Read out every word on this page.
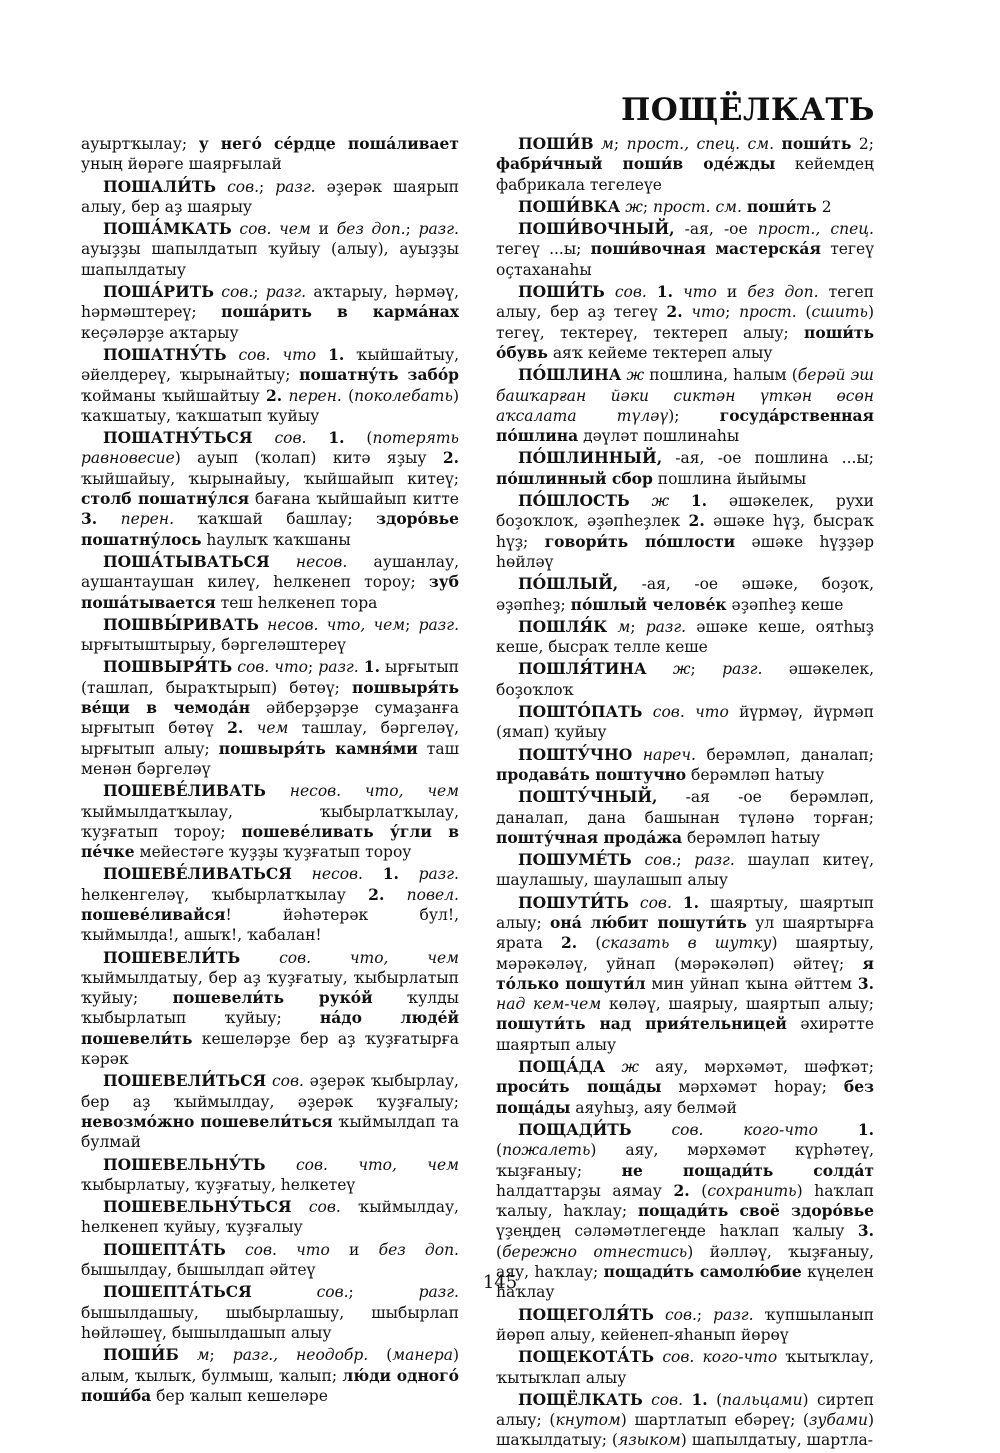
ПОЩЁЛКАТЬ

ауыртҡылау; у него́ се́рдце поша́ливает уның йөрәге шаярғылай

ПОШАЛИ́ТЬ сов.; разг. әҙерәк шаярып алыу, бер аҙ шаярыу

ПОША́МКАТЬ сов. чем и без доп.; разг. ауыҙҙы шапылдатып ҡуйыу (алыу), ауыҙҙы шапылдатыу

ПОША́РИТЬ сов.; разг. аҡтарыу, һәрмәү, һәрмәштереү; поша́рить в карма́нах кеҫәләрҙе аҡтарыу

ПОШАТНУ́ТЬ сов. что 1. ҡыйшайтыу, әйелдереү, ҡырынайтыу; пошатну́ть забо́р ҡойманы ҡыйшайтыу 2. перен. (поколебать) ҡаҡшатыу, ҡаҡшатып ҡуйыу

ПОШАТНУ́ТЬСЯ сов. 1. (потерять равновесие) ауып (ҡолап) китә яҙыу 2. ҡыйшайыу, ҡырынайыу, ҡыйшайып китеү; столб пошатну́лся бағана ҡыйшайып китте 3. перен. ҡаҡшай башлау; здоро́вье пошатну́лось һаулыҡ ҡаҡшаны

ПОША́ТЫВАТЬСЯ несов. аушанлау, аушантаушан килеү, һелкенеп тороу; зуб поша́тывается теш һелкенеп тора

ПОШВЫ́РИВАТЬ несов. что, чем; разг. ырғытыштырыу, бәргеләштереү

ПОШВЫРЯ́ТЬ сов. что; разг. 1. ырғытып (ташлап, быраҡтырып) бөтөү; пошвыря́ть ве́щи в чемода́н әйберҙәрҙе сумаҙанға ырғытып бөтөү 2. чем ташлау, бәргеләү, ырғытып алыу; пошвыря́ть камня́ми таш менән бәргеләү

ПОШЕВЕ́ЛИВАТЬ несов. что, чем ҡыймылдатҡылау, ҡыбырлатҡылау, ҡуҙғатып тороу; пошеве́ливать у́гли в пе́чке мейестәге ҡуҙҙы ҡуҙғатып тороу

ПОШЕВЕ́ЛИВАТЬСЯ несов. 1. разг. һелкенгеләү, ҡыбырлатҡылау 2. повел. пошеве́ливайся! йәһәтерәк бул!, ҡыймылда!, ашыҡ!, ҡабалан!

ПОШЕВЕЛИ́ТЬ	сов. что, чем ҡыймылдатыу, бер аҙ ҡуҙғатыу, ҡыбырлатып ҡуйыу; пошевели́ть руко́й ҡулды ҡыбырлатып ҡуйыу; на́до люде́й пошевели́ть кешеләрҙе бер аҙ ҡуҙғатырға кәрәк

ПОШЕВЕЛИ́ТЬСЯ сов. әҙерәк ҡыбырлау, бер аҙ ҡыймылдау, әҙерәк ҡуҙғалыу; невозмо́жно пошевели́ться ҡыймылдап та булмай

ПОШЕВЕЛЬНУ́ТЬ сов. что, чем ҡыбырлатыу, ҡуҙғатыу, һелкетеү

ПОШЕВЕЛЬНУ́ТЬСЯ сов. ҡыймылдау, һелкенеп ҡуйыу, ҡуҙғалыу

ПОШЕПТА́ТЬ сов. что и без доп. бышылдау, бышылдап әйтеү

ПОШЕПТА́ТЬСЯ	сов.; разг. бышылдашыу, шыбырлашыу, шыбырлап һөйләшеү, бышылдашып алыу

ПОШИ́Б м; разг., неодобр. (манера) алым, ҡылыҡ, булмыш, ҡалып; лю́ди одного́ поши́ба бер ҡалып кешеләре

ПОШИ́В м; прост., спец. см. поши́ть 2; фабри́чный поши́в оде́жды кейемдең фабрикала тегелеүе

ПОШИ́ВКА ж; прост. см. поши́ть 2

ПОШИ́ВОЧНЫЙ, -ая, -ое прост., спец. тегеү ...ы; поши́вочная мастерска́я тегеү оҫтаханаһы

ПОШИ́ТЬ сов. 1. что и без доп. тегеп алыу, бер аҙ тегеү 2. что; прост. (сшить) тегеү, тектереү, тектереп алыу; поши́ть о́бувь аяҡ кейеме тектереп алыу

ПО́ШЛИНА ж пошлина, һалым (берәй эш башҡарған йәки сиктән үткән өсөн аҡсалата түләү); госуда́рственная по́шлина дәүләт пошлинаһы

ПО́ШЛИННЫЙ, -ая, -ое пошлина ...ы; по́шлинный сбор пошлина йыйымы

ПО́ШЛОСТЬ ж 1. әшәкелек, рухи боҙоҡлоҡ, әҙәпһеҙлек 2. әшәке һүҙ, бысраҡ һүҙ; говори́ть по́шлости әшәке һүҙҙәр һөйләү

ПО́ШЛЫЙ, -ая, -ое әшәке, боҙоҡ, әҙәпһеҙ; по́шлый челове́к әҙәпһеҙ кеше

ПОШЛЯ́К м; разг. әшәке кеше, оятһыҙ кеше, бысраҡ телле кеше

ПОШЛЯ́ТИНА ж; разг. әшәкелек, боҙоҡлоҡ

ПОШТО́ПАТЬ сов. что йүрмәү, йүрмәп (ямап) ҡуйыу

ПОШТУ́ЧНО нареч. берәмләп, даналап; продава́ть поштучно берәмләп һатыу

ПОШТУ́ЧНЫЙ, -ая -ое берәмләп, даналап, дана башынан түләнә торған; пошту́чная прода́жа берәмләп һатыу

ПОШУМЕ́ТЬ сов.; разг. шаулап китеү, шаулашыу, шаулашып алыу

ПОШУТИ́ТЬ сов. 1. шаяртыу, шаяртып алыу; она́ лю́бит пошути́ть ул шаяртырға ярата 2. (сказать в шутку) шаяртыу, мәрәкәләү, уйнап (мәрәкәләп) әйтеү; я то́лько пошути́л мин уйнап ҡына әйттем 3. над кем-чем көләү, шаярыу, шаяртып алыу; пошути́ть над прия́тельницей әхирәтте шаяртып алыу

ПОЩА́ДА ж аяу, мәрхәмәт, шәфҡәт; проси́ть поща́ды мәрхәмәт һорау; без поща́ды аяуһыҙ, аяу белмәй

ПОЩАДИ́ТЬ	сов. кого-что	1. (пожалеть) аяу, мәрхәмәт күрһәтеү, ҡыҙғаныу; не пощади́ть солда́т һалдаттарҙы аямау 2. (сохранить) һаҡлап ҡалыу, һаҡлау; пощади́ть своё здоро́вье үҙеңдең сәләмәтлегеңде һаҡлап ҡалыу 3. (бережно отнестись) йәлләү, ҡыҙғаныу, аяу, һаҡлау; пощади́ть самолю́бие күңелен һаҡлау

ПОЩЕГОЛЯ́ТЬ сов.; разг. ҡупшыланып йөрөп алыу, кейенеп-яһанып йөрөү

ПОЩЕКОТА́ТЬ сов. кого-что ҡытыҡлау, ҡытыҡлап алыу

ПОЩЁЛКАТЬ сов. 1. (пальцами) сиртеп алыу; (кнутом) шартлатып ебәреү; (зубами) шаҡылдатыу; (языком) шапылдатыу, шартла-

145
